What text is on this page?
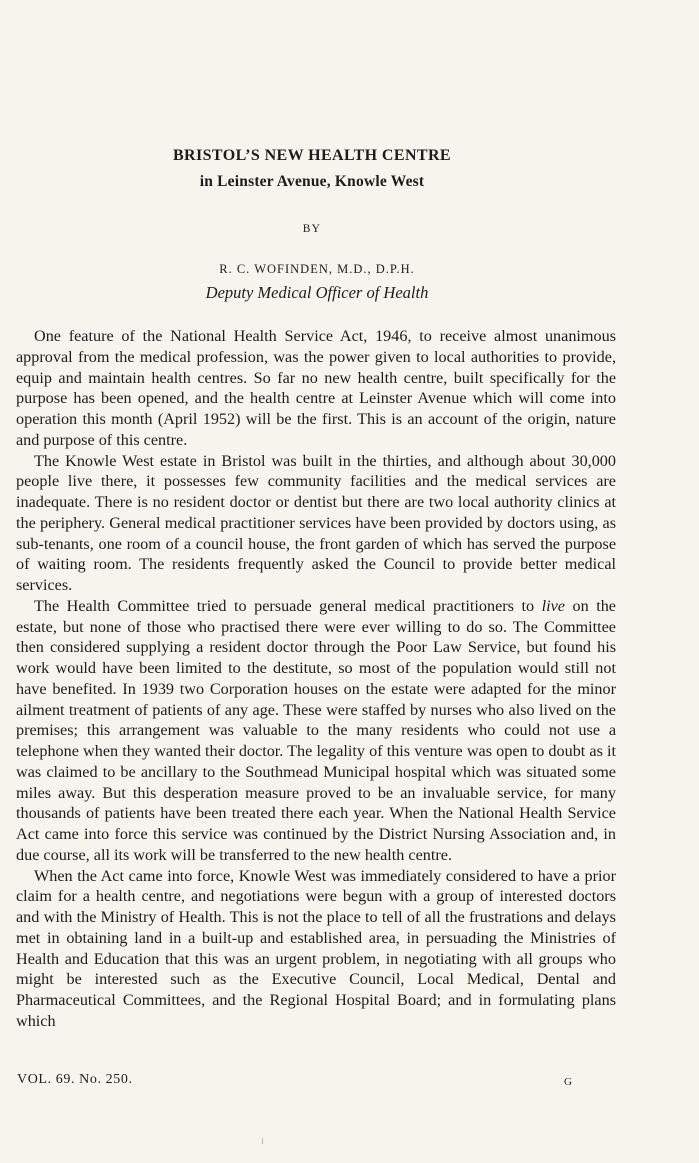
BRISTOL’S NEW HEALTH CENTRE
in Leinster Avenue, Knowle West
BY
R. C. WOFINDEN, M.D., D.P.H.
Deputy Medical Officer of Health

One feature of the National Health Service Act, 1946, to receive almost unanimous approval from the medical profession, was the power given to local authorities to provide, equip and maintain health centres. So far no new health centre, built specifically for the purpose has been opened, and the health centre at Leinster Avenue which will come into operation this month (April 1952) will be the first. This is an account of the origin, nature and purpose of this centre.

The Knowle West estate in Bristol was built in the thirties, and although about 30,000 people live there, it possesses few community facilities and the medical services are inadequate. There is no resident doctor or dentist but there are two local authority clinics at the periphery. General medical practitioner services have been provided by doctors using, as sub-tenants, one room of a council house, the front garden of which has served the purpose of waiting room. The residents frequently asked the Council to provide better medical services.

The Health Committee tried to persuade general medical practitioners to live on the estate, but none of those who practised there were ever willing to do so. The Committee then considered supplying a resident doctor through the Poor Law Service, but found his work would have been limited to the destitute, so most of the population would still not have benefited. In 1939 two Corporation houses on the estate were adapted for the minor ailment treatment of patients of any age. These were staffed by nurses who also lived on the premises; this arrangement was valuable to the many residents who could not use a telephone when they wanted their doctor. The legality of this venture was open to doubt as it was claimed to be ancillary to the Southmead Municipal hospital which was situated some miles away. But this desperation measure proved to be an invaluable service, for many thousands of patients have been treated there each year. When the National Health Service Act came into force this service was continued by the District Nursing Association and, in due course, all its work will be transferred to the new health centre.

When the Act came into force, Knowle West was immediately considered to have a prior claim for a health centre, and negotiations were begun with a group of interested doctors and with the Ministry of Health. This is not the place to tell of all the frustrations and delays met in obtaining land in a built-up and established area, in persuading the Ministries of Health and Education that this was an urgent problem, in negotiating with all groups who might be interested such as the Executive Council, Local Medical, Dental and Pharmaceutical Committees, and the Regional Hospital Board; and in formulating plans which

VOL. 69. No. 250.	G
